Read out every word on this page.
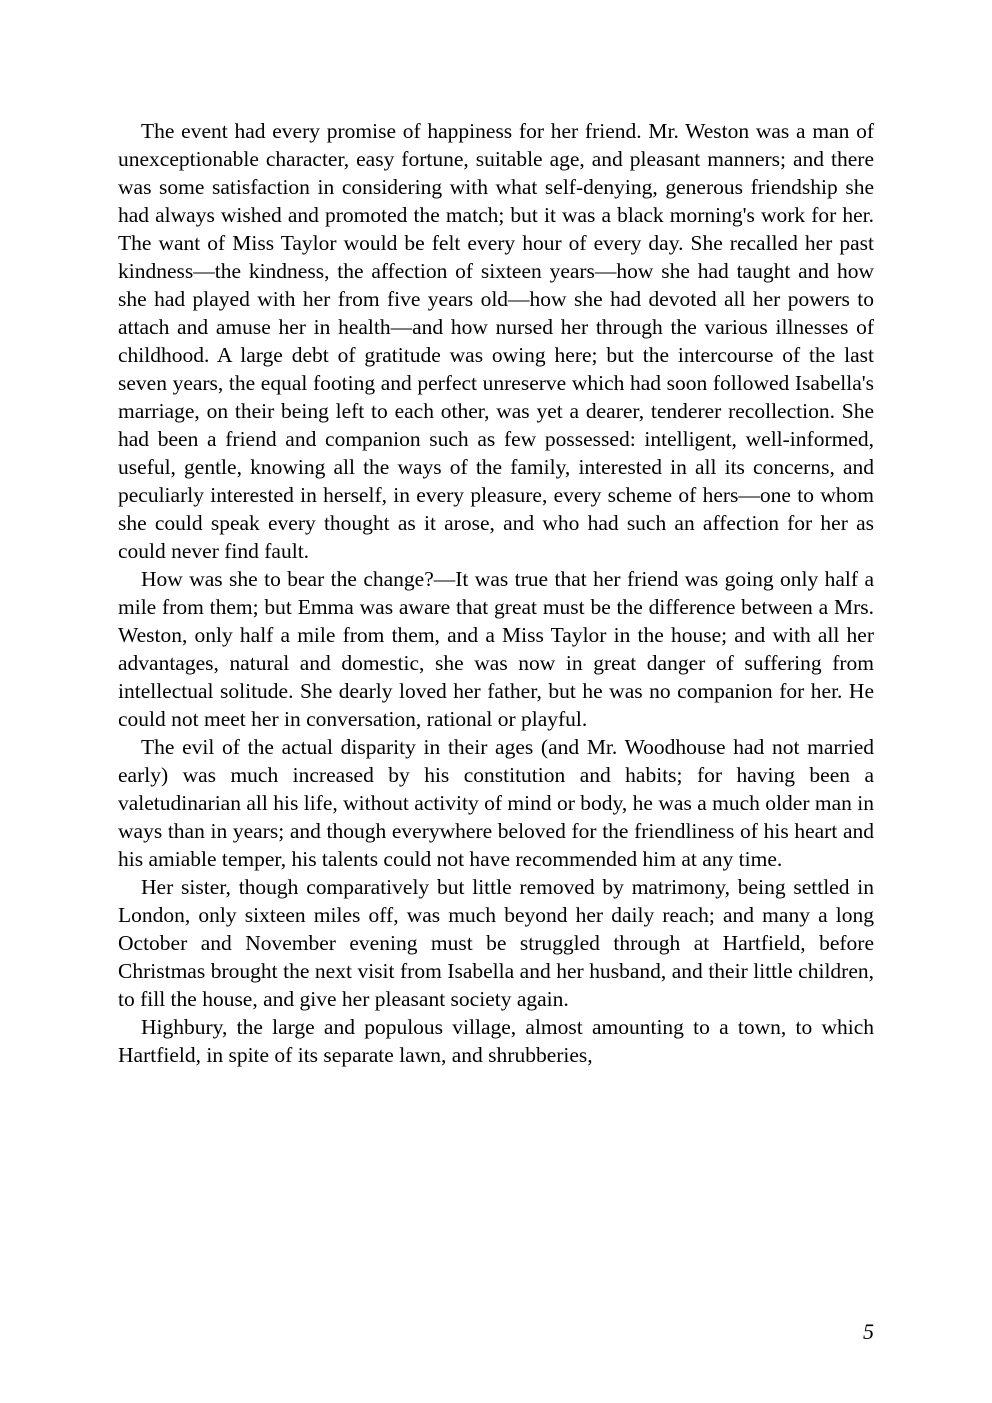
The event had every promise of happiness for her friend. Mr. Weston was a man of unexceptionable character, easy fortune, suitable age, and pleasant manners; and there was some satisfaction in considering with what self-denying, generous friendship she had always wished and promoted the match; but it was a black morning's work for her. The want of Miss Taylor would be felt every hour of every day. She recalled her past kindness—the kindness, the affection of sixteen years—how she had taught and how she had played with her from five years old—how she had devoted all her powers to attach and amuse her in health—and how nursed her through the various illnesses of childhood. A large debt of gratitude was owing here; but the intercourse of the last seven years, the equal footing and perfect unreserve which had soon followed Isabella's marriage, on their being left to each other, was yet a dearer, tenderer recollection. She had been a friend and companion such as few possessed: intelligent, well-informed, useful, gentle, knowing all the ways of the family, interested in all its concerns, and peculiarly interested in herself, in every pleasure, every scheme of hers—one to whom she could speak every thought as it arose, and who had such an affection for her as could never find fault.

How was she to bear the change?—It was true that her friend was going only half a mile from them; but Emma was aware that great must be the difference between a Mrs. Weston, only half a mile from them, and a Miss Taylor in the house; and with all her advantages, natural and domestic, she was now in great danger of suffering from intellectual solitude. She dearly loved her father, but he was no companion for her. He could not meet her in conversation, rational or playful.

The evil of the actual disparity in their ages (and Mr. Woodhouse had not married early) was much increased by his constitution and habits; for having been a valetudinarian all his life, without activity of mind or body, he was a much older man in ways than in years; and though everywhere beloved for the friendliness of his heart and his amiable temper, his talents could not have recommended him at any time.

Her sister, though comparatively but little removed by matrimony, being settled in London, only sixteen miles off, was much beyond her daily reach; and many a long October and November evening must be struggled through at Hartfield, before Christmas brought the next visit from Isabella and her husband, and their little children, to fill the house, and give her pleasant society again.

Highbury, the large and populous village, almost amounting to a town, to which Hartfield, in spite of its separate lawn, and shrubberies,

5
